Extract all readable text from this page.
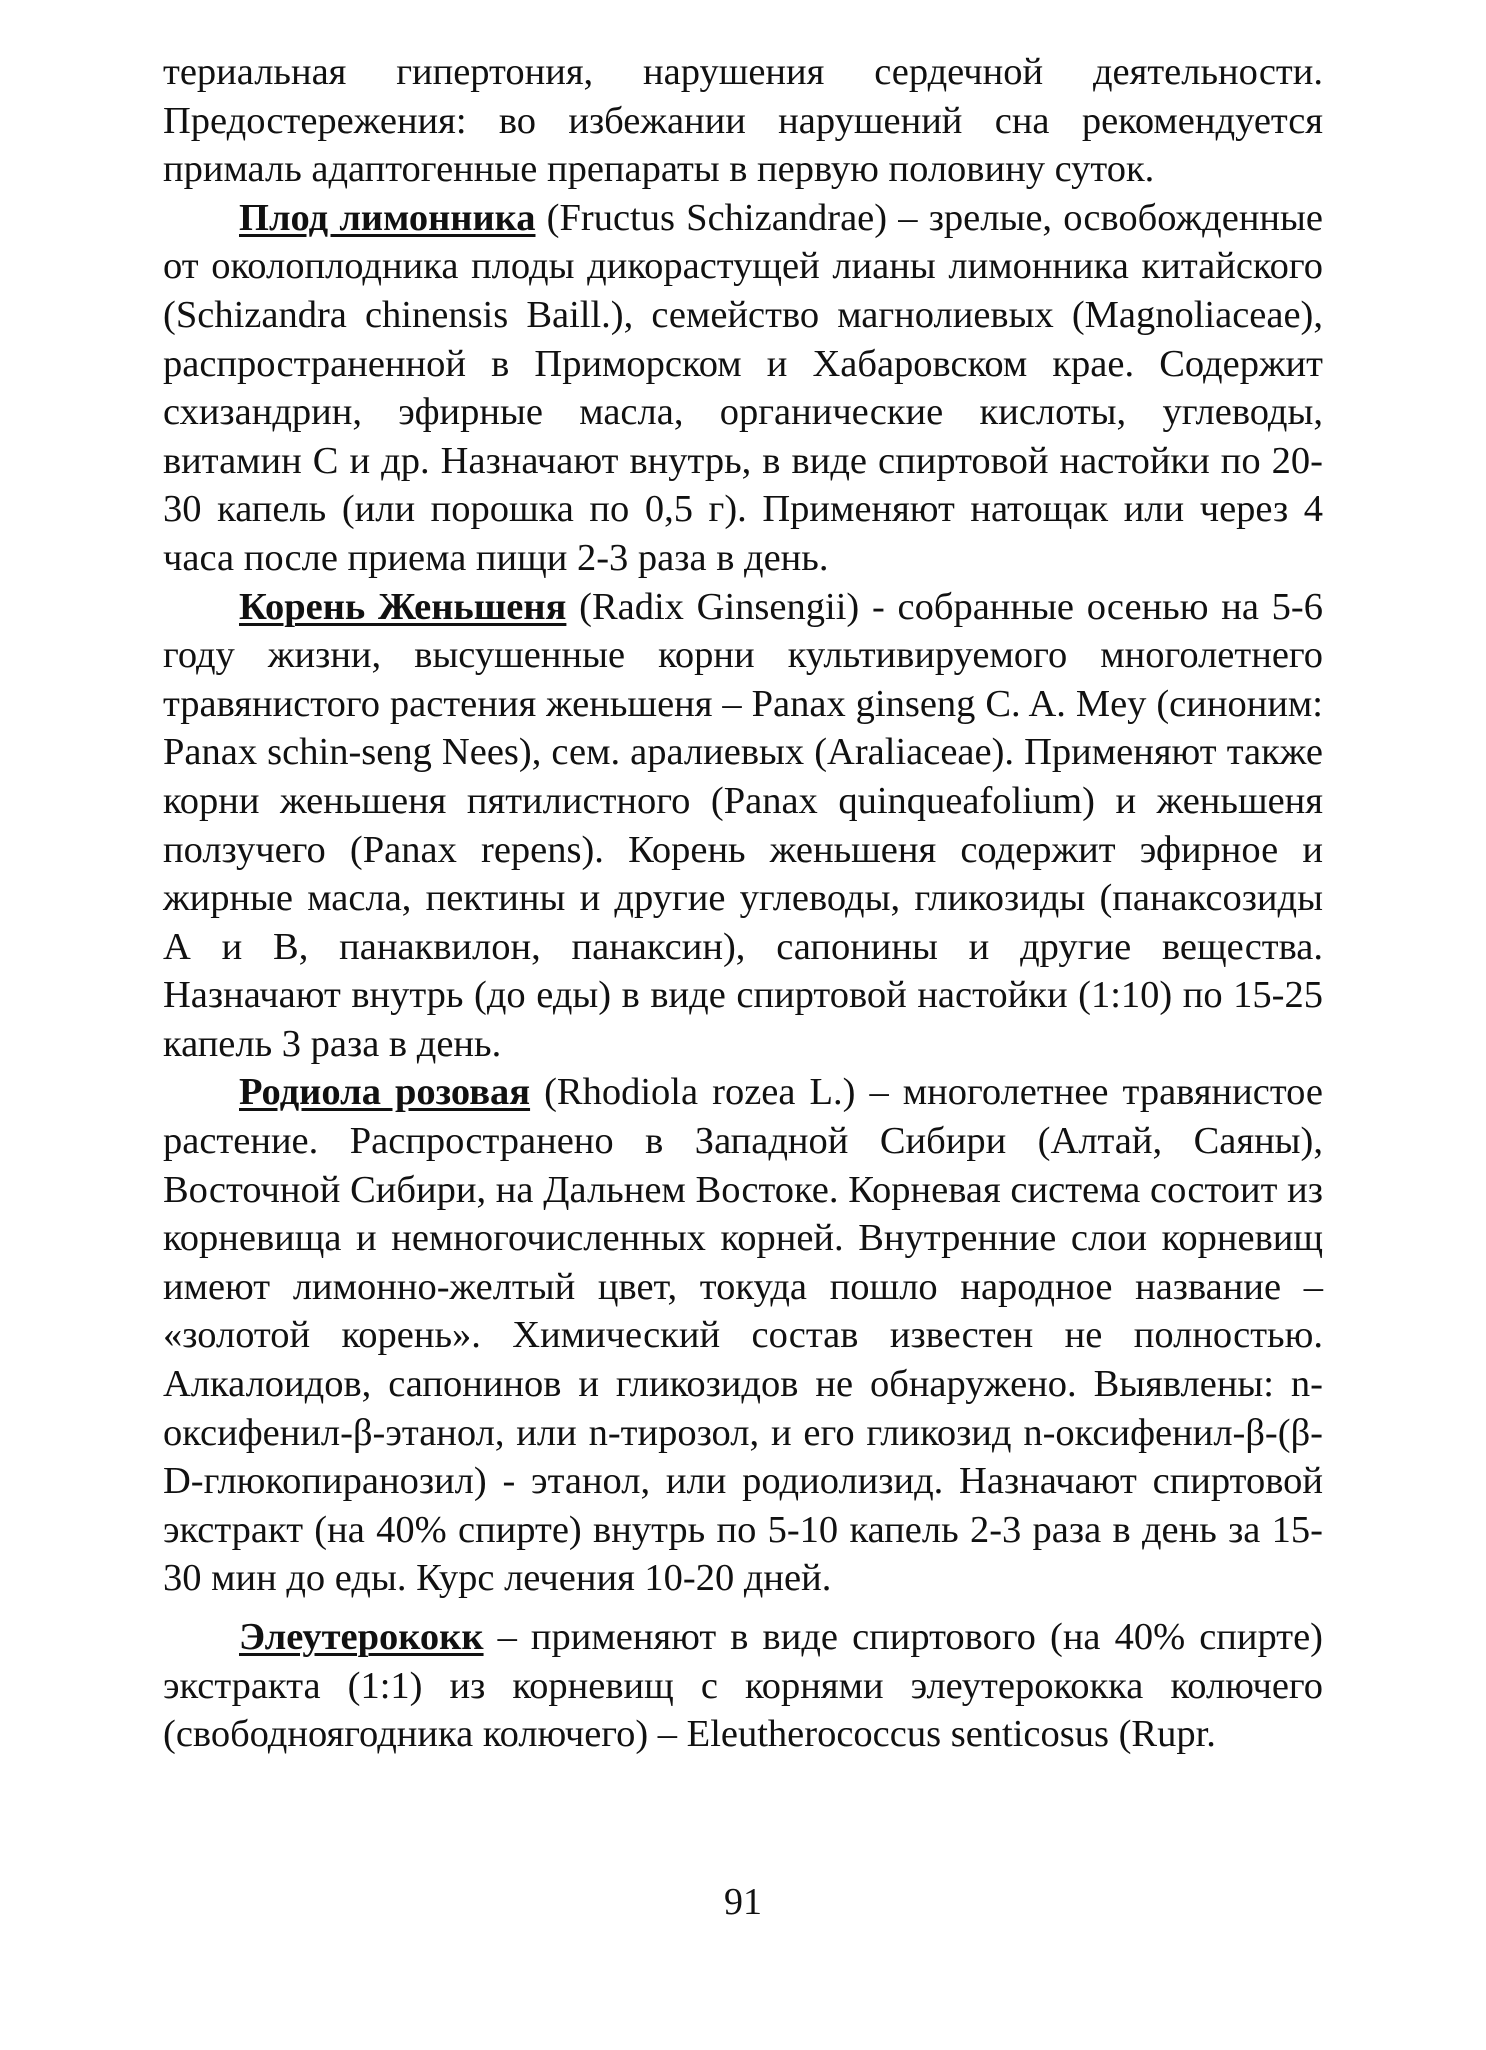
териальная гипертония, нарушения сердечной деятельности. Предостережения: во избежании нарушений сна рекомендуется прималь адаптогенные препараты в первую половину суток.

Плод лимонника (Fructus Schizandrae) – зрелые, освобожденные от околоплодника плоды дикорастущей лианы лимонника китайского (Schizandra chinensis Baill.), семейство магнолиевых (Magnoliaceae), распространенной в Приморском и Хабаровском крае. Содержит схизандрин, эфирные масла, органические кислоты, углеводы, витамин С и др. Назначают внутрь, в виде спиртовой настойки по 20-30 капель (или порошка по 0,5 г). Применяют натощак или через 4 часа после приема пищи 2-3 раза в день.

Корень Женьшеня (Radix Ginsengii) - собранные осенью на 5-6 году жизни, высушенные корни культивируемого многолетнего травянистого растения женьшеня – Panax ginseng C. A. Mey (синоним: Panax schin-seng Nees), сем. аралиевых (Araliaceae). Применяют также корни женьшеня пятилистного (Panax quinqueafolium) и женьшеня ползучего (Panax repens). Корень женьшеня содержит эфирное и жирные масла, пектины и другие углеводы, гликозиды (панаксозиды А и В, панаквилон, панаксин), сапонины и другие вещества. Назначают внутрь (до еды) в виде спиртовой настойки (1:10) по 15-25 капель 3 раза в день.

Родиола розовая (Rhodiola rozea L.) – многолетнее травянистое растение. Распространено в Западной Сибири (Алтай, Саяны), Восточной Сибири, на Дальнем Востоке. Корневая система состоит из корневища и немногочисленных корней. Внутренние слои корневищ имеют лимонно-желтый цвет, токуда пошло народное название – «золотой корень». Химический состав известен не полностью. Алкалоидов, сапонинов и гликозидов не обнаружено. Выявлены: n-оксифенил-β-этанол, или n-тирозол, и его гликозид n-оксифенил-β-(β-D-глюкопиранозил) - этанол, или родиолизид. Назначают спиртовой экстракт (на 40% спирте) внутрь по 5-10 капель 2-3 раза в день за 15-30 мин до еды. Курс лечения 10-20 дней.

Элеутерококк – применяют в виде спиртового (на 40% спирте) экстракта (1:1) из корневищ с корнями элеутерококка колючего (свободноягодника колючего) – Eleutherococcus senticosus (Rupr.

91
